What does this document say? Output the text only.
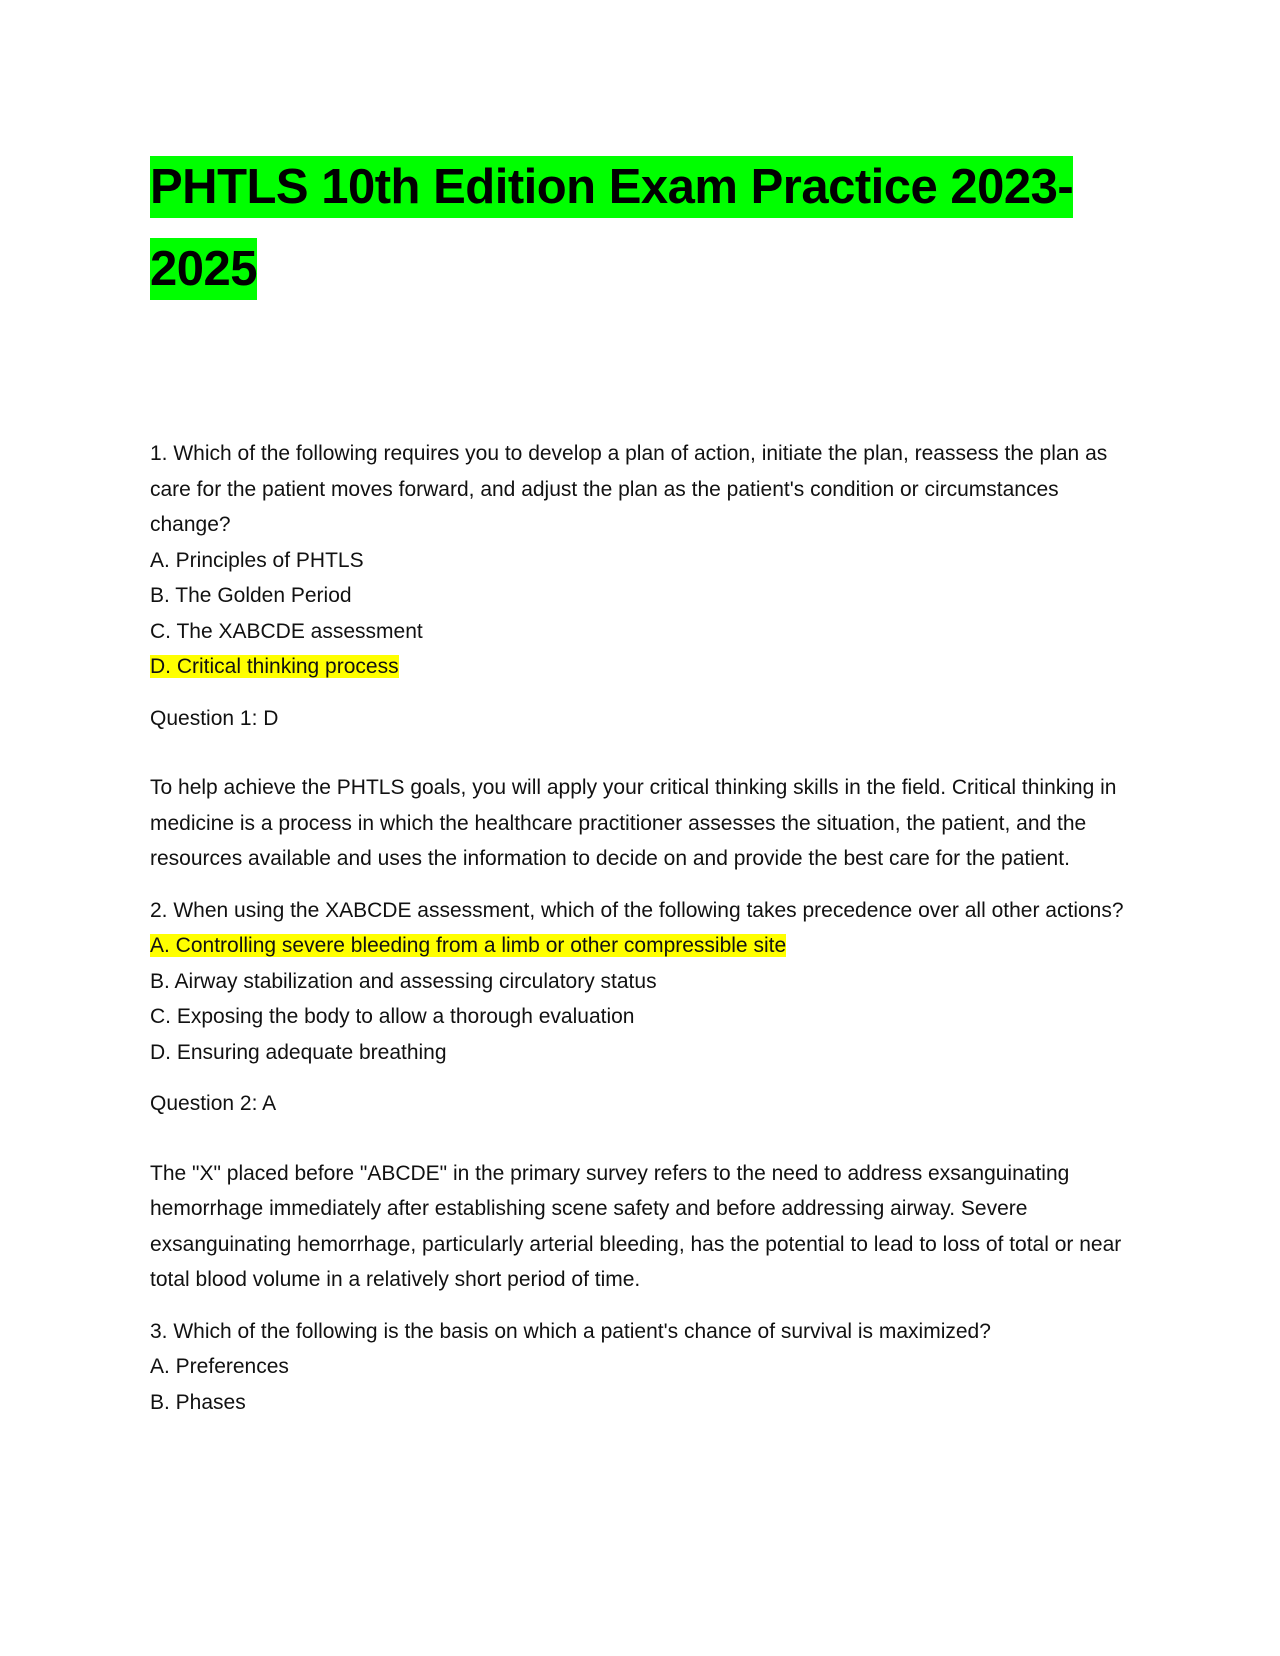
PHTLS 10th Edition Exam Practice 2023-2025

1. Which of the following requires you to develop a plan of action, initiate the plan, reassess the plan as care for the patient moves forward, and adjust the plan as the patient's condition or circumstances change?

A. Principles of PHTLS

B. The Golden Period

C. The XABCDE assessment

D. Critical thinking process

Question 1: D

To help achieve the PHTLS goals, you will apply your critical thinking skills in the field. Critical thinking in medicine is a process in which the healthcare practitioner assesses the situation, the patient, and the resources available and uses the information to decide on and provide the best care for the patient.

2. When using the XABCDE assessment, which of the following takes precedence over all other actions?

A. Controlling severe bleeding from a limb or other compressible site

B. Airway stabilization and assessing circulatory status

C. Exposing the body to allow a thorough evaluation

D. Ensuring adequate breathing

Question 2: A

The "X" placed before "ABCDE" in the primary survey refers to the need to address exsanguinating hemorrhage immediately after establishing scene safety and before addressing airway. Severe exsanguinating hemorrhage, particularly arterial bleeding, has the potential to lead to loss of total or near total blood volume in a relatively short period of time.

3. Which of the following is the basis on which a patient's chance of survival is maximized?

A. Preferences

B. Phases
